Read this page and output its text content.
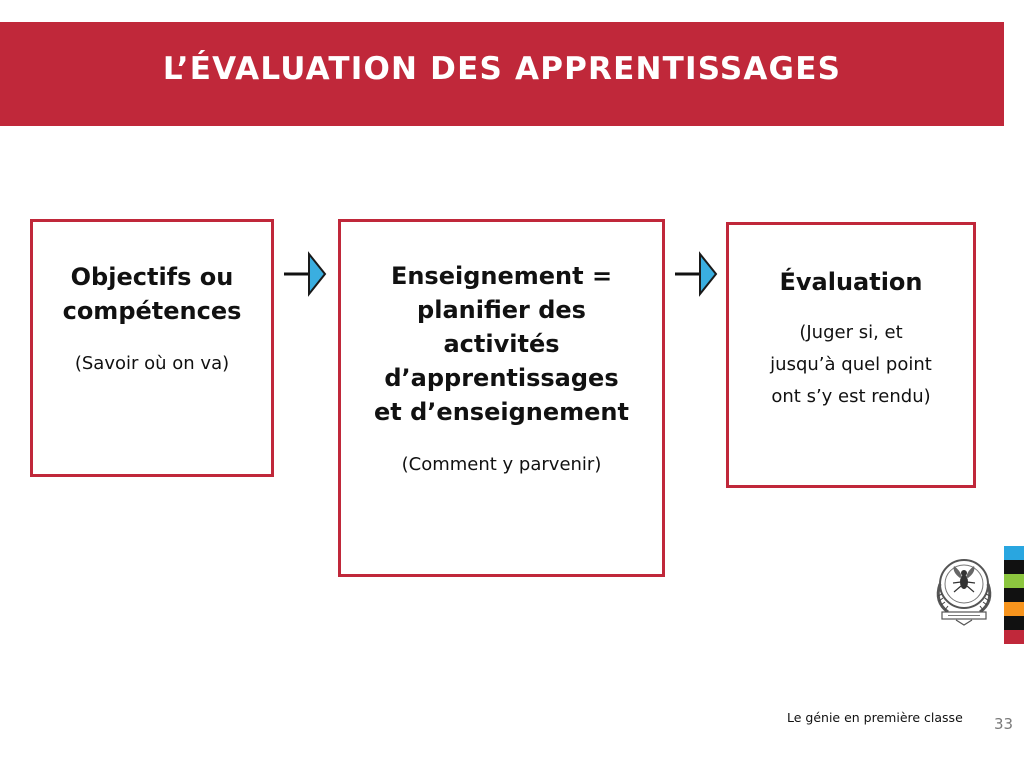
L’ÉVALUATION DES APPRENTISSAGES
Objectifs ou
compétences
(Savoir où on va)
Enseignement =
planifier des
activités
d’apprentissages
et d’enseignement
(Comment y parvenir)
Évaluation
(Juger si, et
jusqu’à quel point
ont s’y est rendu)
Le génie en première classe 33
